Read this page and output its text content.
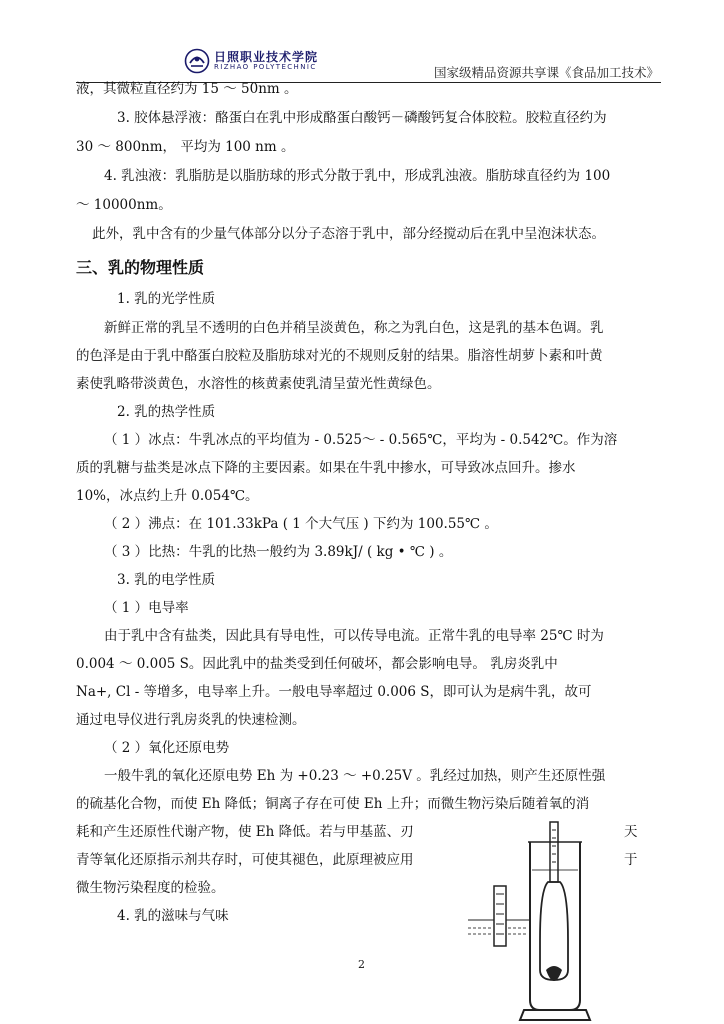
日照职业技术学院
RIZHAO POLYTECHNIC	国家级精品资源共享课《食品加工技术》
液，其微粒直径约为 15 ～ 50nm 。
3. 胶体悬浮液：酪蛋白在乳中形成酪蛋白酸钙－磷酸钙复合体胶粒。胶粒直径约为
30 ～ 800nm， 平均为 100 nm 。
4. 乳浊液：乳脂肪是以脂肪球的形式分散于乳中，形成乳浊液。脂肪球直径约为 100
～ 10000nm。
此外，乳中含有的少量气体部分以分子态溶于乳中，部分经搅动后在乳中呈泡沫状态。
三、乳的物理性质
1. 乳的光学性质
新鲜正常的乳呈不透明的白色并稍呈淡黄色，称之为乳白色，这是乳的基本色调。乳
的色泽是由于乳中酪蛋白胶粒及脂肪球对光的不规则反射的结果。脂溶性胡萝卜素和叶黄
素使乳略带淡黄色，水溶性的核黄素使乳清呈萤光性黄绿色。
2. 乳的热学性质
（ 1 ）冰点：牛乳冰点的平均值为 - 0.525～ - 0.565℃，平均为 - 0.542℃。作为溶
质的乳糖与盐类是冰点下降的主要因素。如果在牛乳中掺水，可导致冰点回升。掺水
10%，冰点约上升 0.054℃。
（ 2 ）沸点：在 101.33kPa ( 1 个大气压 ) 下约为 100.55℃ 。
（ 3 ）比热：牛乳的比热一般约为 3.89kJ/ ( kg • ℃ ) 。
3. 乳的电学性质
（ 1 ）电导率
由于乳中含有盐类，因此具有导电性，可以传导电流。正常牛乳的电导率 25℃ 时为
0.004 ～ 0.005 S。因此乳中的盐类受到任何破坏，都会影响电导。 乳房炎乳中
Na+, Cl - 等增多，电导率上升。一般电导率超过 0.006 S，即可认为是病牛乳，故可
通过电导仪进行乳房炎乳的快速检测。
（ 2 ）氧化还原电势
一般牛乳的氧化还原电势 Eh 为 +0.23 ～ +0.25V 。乳经过加热，则产生还原性强
的硫基化合物，而使 Eh 降低；铜离子存在可使 Eh 上升；而微生物污染后随着氧的消
耗和产生还原性代谢产物，使 Eh 降低。若与甲基蓝、刃	天
青等氧化还原指示剂共存时，可使其褪色，此原理被应用	于
微生物污染程度的检验。
4. 乳的滋味与气味
2
